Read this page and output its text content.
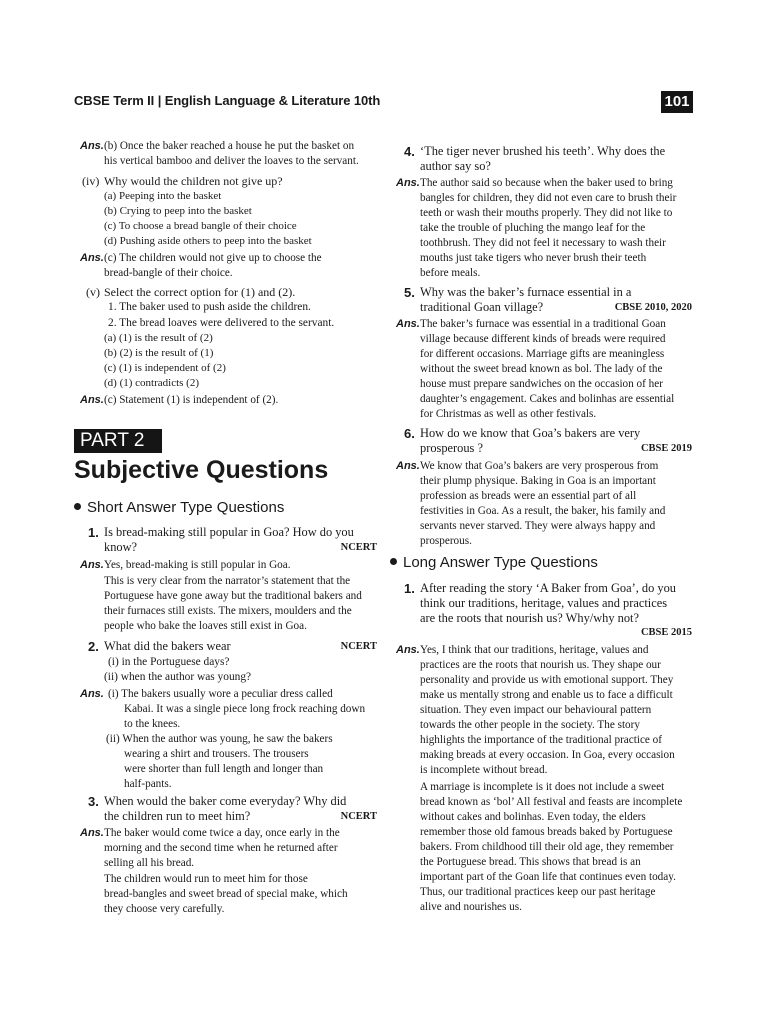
CBSE Term II | English Language & Literature 10th	101
Ans. (b) Once the baker reached a house he put the basket on
his vertical bamboo and deliver the loaves to the servant.
(iv) Why would the children not give up?
(a) Peeping into the basket
(b) Crying to peep into the basket
(c) To choose a bread bangle of their choice
(d) Pushing aside others to peep into the basket
Ans. (c) The children would not give up to choose the
bread-bangle of their choice.
(v) Select the correct option for (1) and (2).
1. The baker used to push aside the children.
2. The bread loaves were delivered to the servant.
(a) (1) is the result of (2)
(b) (2) is the result of (1)
(c) (1) is independent of (2)
(d) (1) contradicts (2)
Ans. (c) Statement (1) is independent of (2).
PART 2
Subjective Questions
Short Answer Type Questions
1. Is bread-making still popular in Goa? How do you
know?	NCERT
Ans. Yes, bread-making is still popular in Goa.
This is very clear from the narrator’s statement that the
Portuguese have gone away but the traditional bakers and
their furnaces still exists. The mixers, moulders and the
people who bake the loaves still exist in Goa.
2. What did the bakers wear	NCERT
(i) in the Portuguese days?
(ii) when the author was young?
Ans. (i) The bakers usually wore a peculiar dress called
Kabai. It was a single piece long frock reaching down
to the knees.
(ii) When the author was young, he saw the bakers
wearing a shirt and trousers. The trousers
were shorter than full length and longer than
half-pants.
3. When would the baker come everyday? Why did
the children run to meet him?	NCERT
Ans. The baker would come twice a day, once early in the
morning and the second time when he returned after
selling all his bread.
The children would run to meet him for those
bread-bangles and sweet bread of special make, which
they choose very carefully.
4. ‘The tiger never brushed his teeth’. Why does the
author say so?
Ans. The author said so because when the baker used to bring
bangles for children, they did not even care to brush their
teeth or wash their mouths properly. They did not like to
take the trouble of pluching the mango leaf for the
toothbrush. They did not feel it necessary to wash their
mouths just take tigers who never brush their teeth
before meals.
5. Why was the baker’s furnace essential in a
traditional Goan village?	CBSE 2010, 2020
Ans. The baker’s furnace was essential in a traditional Goan
village because different kinds of breads were required
for different occasions. Marriage gifts are meaningless
without the sweet bread known as bol. The lady of the
house must prepare sandwiches on the occasion of her
daughter’s engagement. Cakes and bolinhas are essential
for Christmas as well as other festivals.
6. How do we know that Goa’s bakers are very
prosperous ?	CBSE 2019
Ans. We know that Goa’s bakers are very prosperous from
their plump physique. Baking in Goa is an important
profession as breads were an essential part of all
festivities in Goa. As a result, the baker, his family and
servants never starved. They were always happy and
prosperous.
Long Answer Type Questions
1. After reading the story ‘A Baker from Goa’, do you
think our traditions, heritage, values and practices
are the roots that nourish us? Why/why not?
CBSE 2015
Ans. Yes, I think that our traditions, heritage, values and
practices are the roots that nourish us. They shape our
personality and provide us with emotional support. They
make us mentally strong and enable us to face a difficult
situation. They even impact our behavioural pattern
towards the other people in the society. The story
highlights the importance of the traditional practice of
making breads at every occasion. In Goa, every occasion
is incomplete without bread.
A marriage is incomplete is it does not include a sweet
bread known as ‘bol’ All festival and feasts are incomplete
without cakes and bolinhas. Even today, the elders
remember those old famous breads baked by Portuguese
bakers. From childhood till their old age, they remember
the Portuguese bread. This shows that bread is an
important part of the Goan life that continues even today.
Thus, our traditional practices keep our past heritage
alive and nourishes us.
